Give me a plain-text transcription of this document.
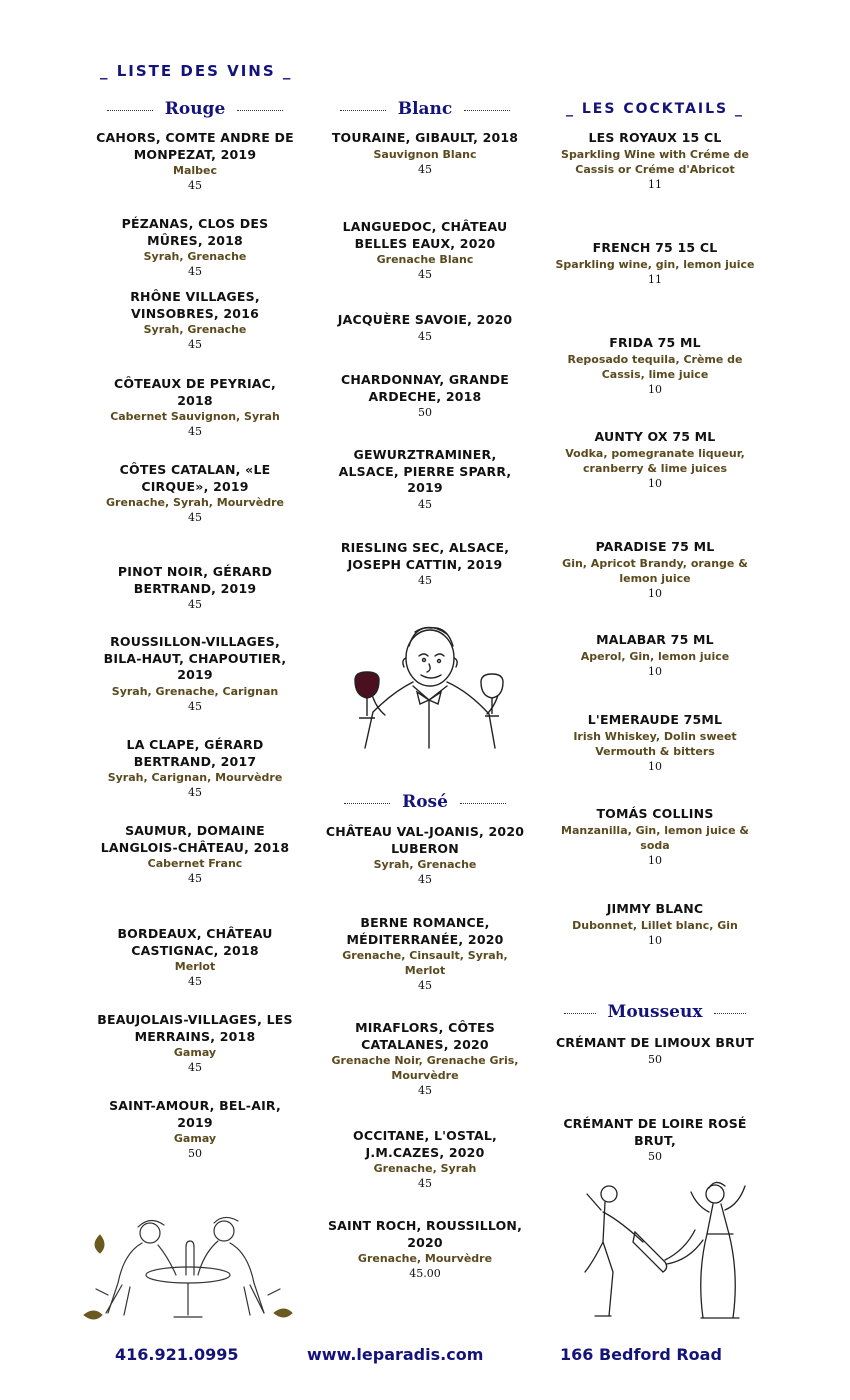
_ LISTE DES VINS _
Rouge
CAHORS, COMTE ANDRE DE MONPEZAT, 2019
Malbec
45
PÉZANAS, CLOS DES MÛRES, 2018
Syrah, Grenache
45
RHÔNE VILLAGES, VINSOBRES, 2016
Syrah, Grenache
45
CÔTEAUX DE PEYRIAC, 2018
Cabernet Sauvignon, Syrah
45
CÔTES CATALAN, «LE CIRQUE», 2019
Grenache, Syrah, Mourvèdre
45
PINOT NOIR, GÉRARD BERTRAND, 2019
45
ROUSSILLON-VILLAGES, BILA-HAUT, CHAPOUTIER, 2019
Syrah, Grenache, Carignan
45
LA CLAPE, GÉRARD BERTRAND, 2017
Syrah, Carignan, Mourvèdre
45
SAUMUR, DOMAINE LANGLOIS-CHÂTEAU, 2018
Cabernet Franc
45
BORDEAUX, CHÂTEAU CASTIGNAC, 2018
Merlot
45
BEAUJOLAIS-VILLAGES, LES MERRAINS, 2018
Gamay
45
SAINT-AMOUR, BEL-AIR, 2019
Gamay
50
Blanc
TOURAINE, GIBAULT, 2018
Sauvignon Blanc
45
LANGUEDOC, CHÂTEAU BELLES EAUX, 2020
Grenache Blanc
45
JACQUÈRE SAVOIE, 2020
45
CHARDONNAY, GRANDE ARDECHE, 2018
50
GEWURZTRAMINER, ALSACE, PIERRE SPARR, 2019
45
RIESLING SEC, ALSACE, JOSEPH CATTIN, 2019
45
Rosé
CHÂTEAU VAL-JOANIS, 2020 LUBERON
Syrah, Grenache
45
BERNE ROMANCE, MÉDITERRANÉE, 2020
Grenache, Cinsault, Syrah, Merlot
45
MIRAFLORS, CÔTES CATALANES, 2020
Grenache Noir, Grenache Gris, Mourvèdre
45
OCCITANE, L'OSTAL, J.M.CAZES, 2020
Grenache, Syrah
45
SAINT ROCH, ROUSSILLON, 2020
Grenache, Mourvèdre
45.00
_ LES COCKTAILS _
LES ROYAUX 15 CL
Sparkling Wine with Créme de Cassis or Créme d'Abricot
11
FRENCH 75 15 CL
Sparkling wine, gin, lemon juice
11
FRIDA 75 ML
Reposado tequila, Crème de Cassis, lime juice
10
AUNTY OX 75 ML
Vodka, pomegranate liqueur, cranberry & lime juices
10
PARADISE 75 ML
Gin, Apricot Brandy, orange & lemon juice
10
MALABAR 75 ML
Aperol, Gin, lemon juice
10
L'EMERAUDE 75ML
Irish Whiskey, Dolin sweet Vermouth & bitters
10
TOMÁS COLLINS
Manzanilla, Gin, lemon juice & soda
10
JIMMY BLANC
Dubonnet, Lillet blanc, Gin
10
Mousseux
CRÉMANT DE LIMOUX BRUT
50
CRÉMANT DE LOIRE ROSÉ BRUT,
50
416.921.0995	www.leparadis.com	166 Bedford Road
